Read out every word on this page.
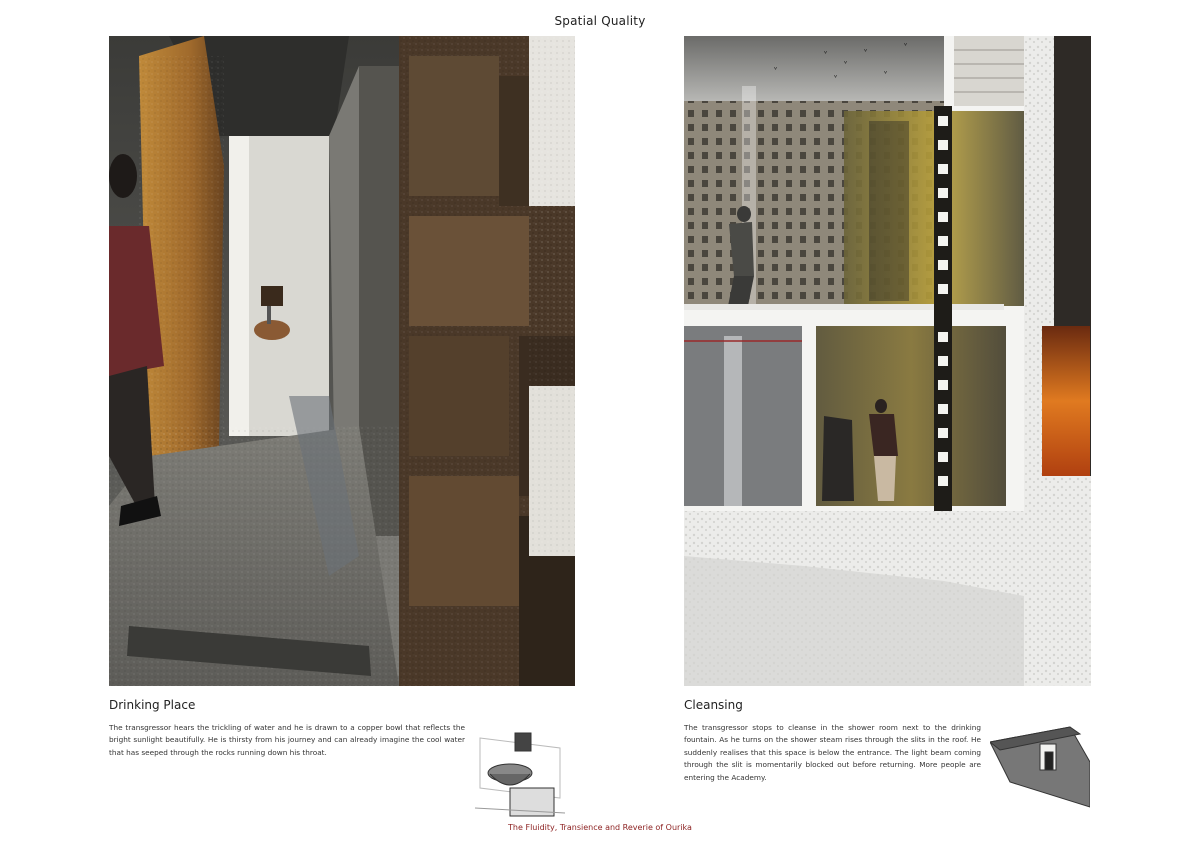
Spatial Quality
ᵛ
ᵛ
ᵛ
ᵛ	ᵛ
ᵛ
ᵛ
Drinking Place
The transgressor hears the trickling of water and he is drawn to a copper bowl that reflects the bright sunlight beautifully. He is thirsty from his journey and can already imagine the cool water that has seeped through the rocks running down his throat.
Cleansing
The transgressor stops to cleanse in the shower room next to the drinking fountain. As he turns on the shower steam rises through the slits in the roof. He suddenly realises that this space is below the entrance. The light beam coming through the slit is momentarily blocked out before returning. More people are entering the Academy.
The Fluidity, Transience and Reverie of Ourika
